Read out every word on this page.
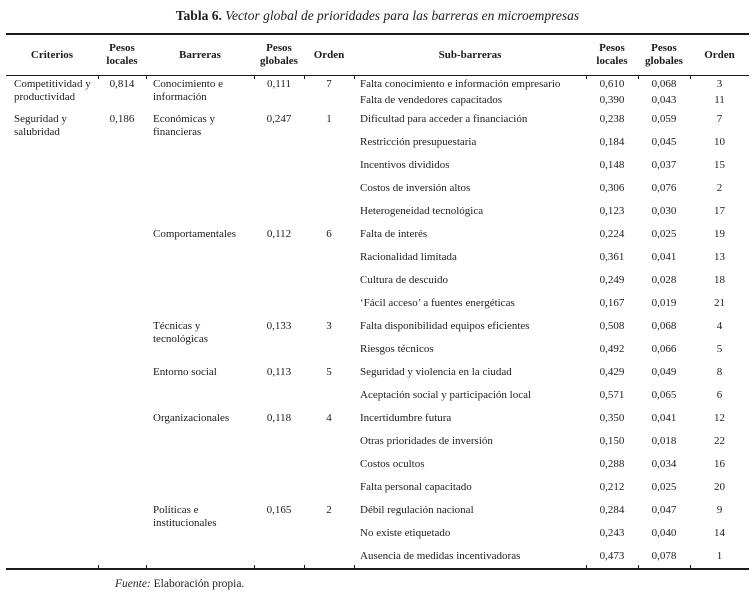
Tabla 6. Vector global de prioridades para las barreras en microempresas
Criterios	Pesos locales	Barreras	Pesos globales	Orden	Sub-barreras	Pesos locales	Pesos globales	Orden
Competitividad y productividad	0,814	Conocimiento e información	0,111	7	Falta conocimiento e información empresario	0,610	0,068	3
					Falta de vendedores capacitados	0,390	0,043	11
Seguridad y salubridad	0,186	Económicas y financieras	0,247	1	Dificultad para acceder a financiación	0,238	0,059	7
					Restricción presupuestaria	0,184	0,045	10
					Incentivos divididos	0,148	0,037	15
					Costos de inversión altos	0,306	0,076	2
					Heterogeneidad tecnológica	0,123	0,030	17
		Comportamentales	0,112	6	Falta de interés	0,224	0,025	19
					Racionalidad limitada	0,361	0,041	13
					Cultura de descuido	0,249	0,028	18
					‘Fácil acceso’ a fuentes energéticas	0,167	0,019	21
		Técnicas y tecnológicas	0,133	3	Falta disponibilidad equipos eficientes	0,508	0,068	4
					Riesgos técnicos	0,492	0,066	5
		Entorno social	0,113	5	Seguridad y violencia en la ciudad	0,429	0,049	8
					Aceptación social y participación local	0,571	0,065	6
		Organizacionales	0,118	4	Incertidumbre futura	0,350	0,041	12
					Otras prioridades de inversión	0,150	0,018	22
					Costos ocultos	0,288	0,034	16
					Falta personal capacitado	0,212	0,025	20
		Políticas e institucionales	0,165	2	Débil regulación nacional	0,284	0,047	9
					No existe etiquetado	0,243	0,040	14
					Ausencia de medidas incentivadoras	0,473	0,078	1
Fuente: Elaboración propia.
